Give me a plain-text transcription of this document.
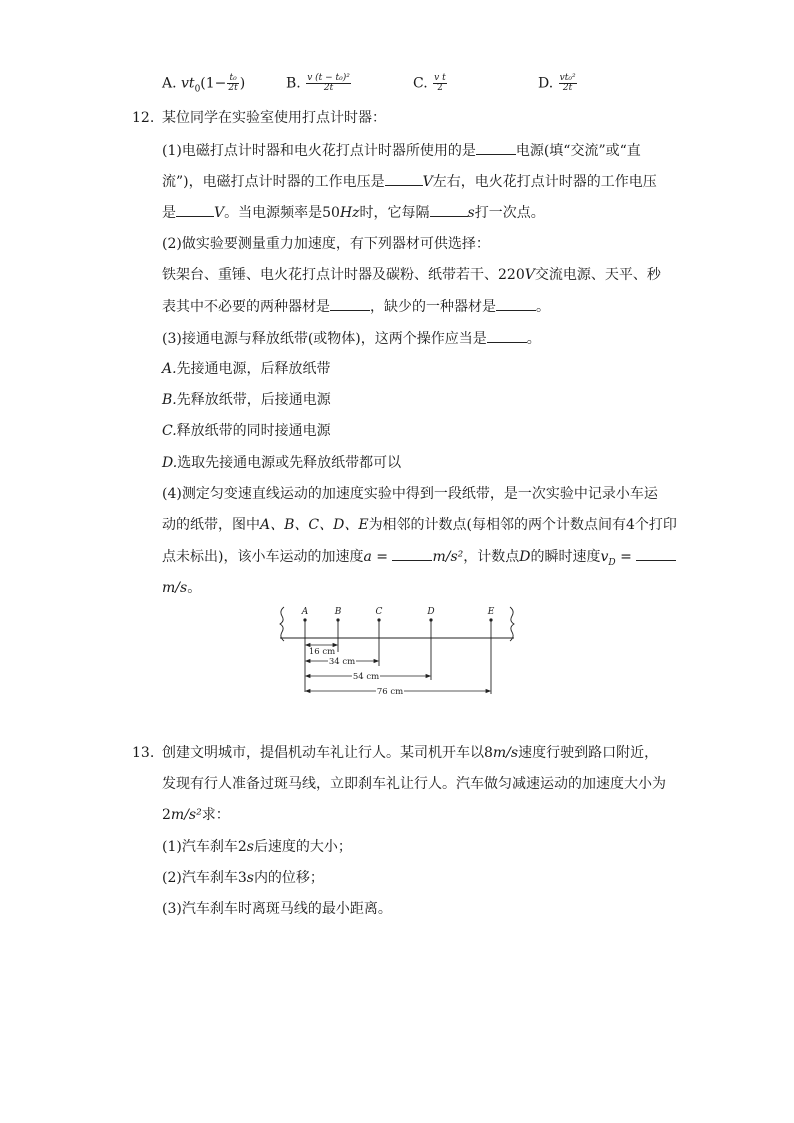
A. $vt_0(1- \frac{\text{t₀}}{2t}$ )	B. $\frac{\text{v (t − t₀)²}}{2t}$	C. $\frac{\text{v t}}{2}$	D. $\frac{\text{vt₀²}}{2t}$
12. 某位同学在实验室使用打点计时器：
(1)电磁打点计时器和电火花打点计时器所使用的是	电源(填“交流”或“直
流”)，电磁打点计时器的工作电压是	V左右，电火花打点计时器的工作电压
是	V。当电源频率是50Hz时，它每隔	s打一次点。
(2)做实验要测量重力加速度，有下列器材可供选择：
铁架台、重锤、电火花打点计时器及碳粉、纸带若干、220V交流电源、天平、秒
表其中不必要的两种器材是	，缺少的一种器材是	。
(3)接通电源与释放纸带(或物体)，这两个操作应当是	。
A.先接通电源，后释放纸带
B.先释放纸带，后接通电源
C.释放纸带的同时接通电源
D.选取先接通电源或先释放纸带都可以
(4)测定匀变速直线运动的加速度实验中得到一段纸带，是一次实验中记录小车运
动的纸带，图中A、B、C、D、E为相邻的计数点(每相邻的两个计数点间有4个打印
点未标出)，该小车运动的加速度a =	m/s²，计数点D的瞬时速度$v_D$ =
m/s。
A	B	C	D	E
16 cm
34 cm
54 cm
76 cm
13. 创建文明城市，提倡机动车礼让行人。某司机开车以8m/s速度行驶到路口附近，
发现有行人准备过斑马线，立即刹车礼让行人。汽车做匀减速运动的加速度大小为
2m/s²求：
(1)汽车刹车2s后速度的大小；
(2)汽车刹车3s内的位移；
(3)汽车刹车时离斑马线的最小距离。
